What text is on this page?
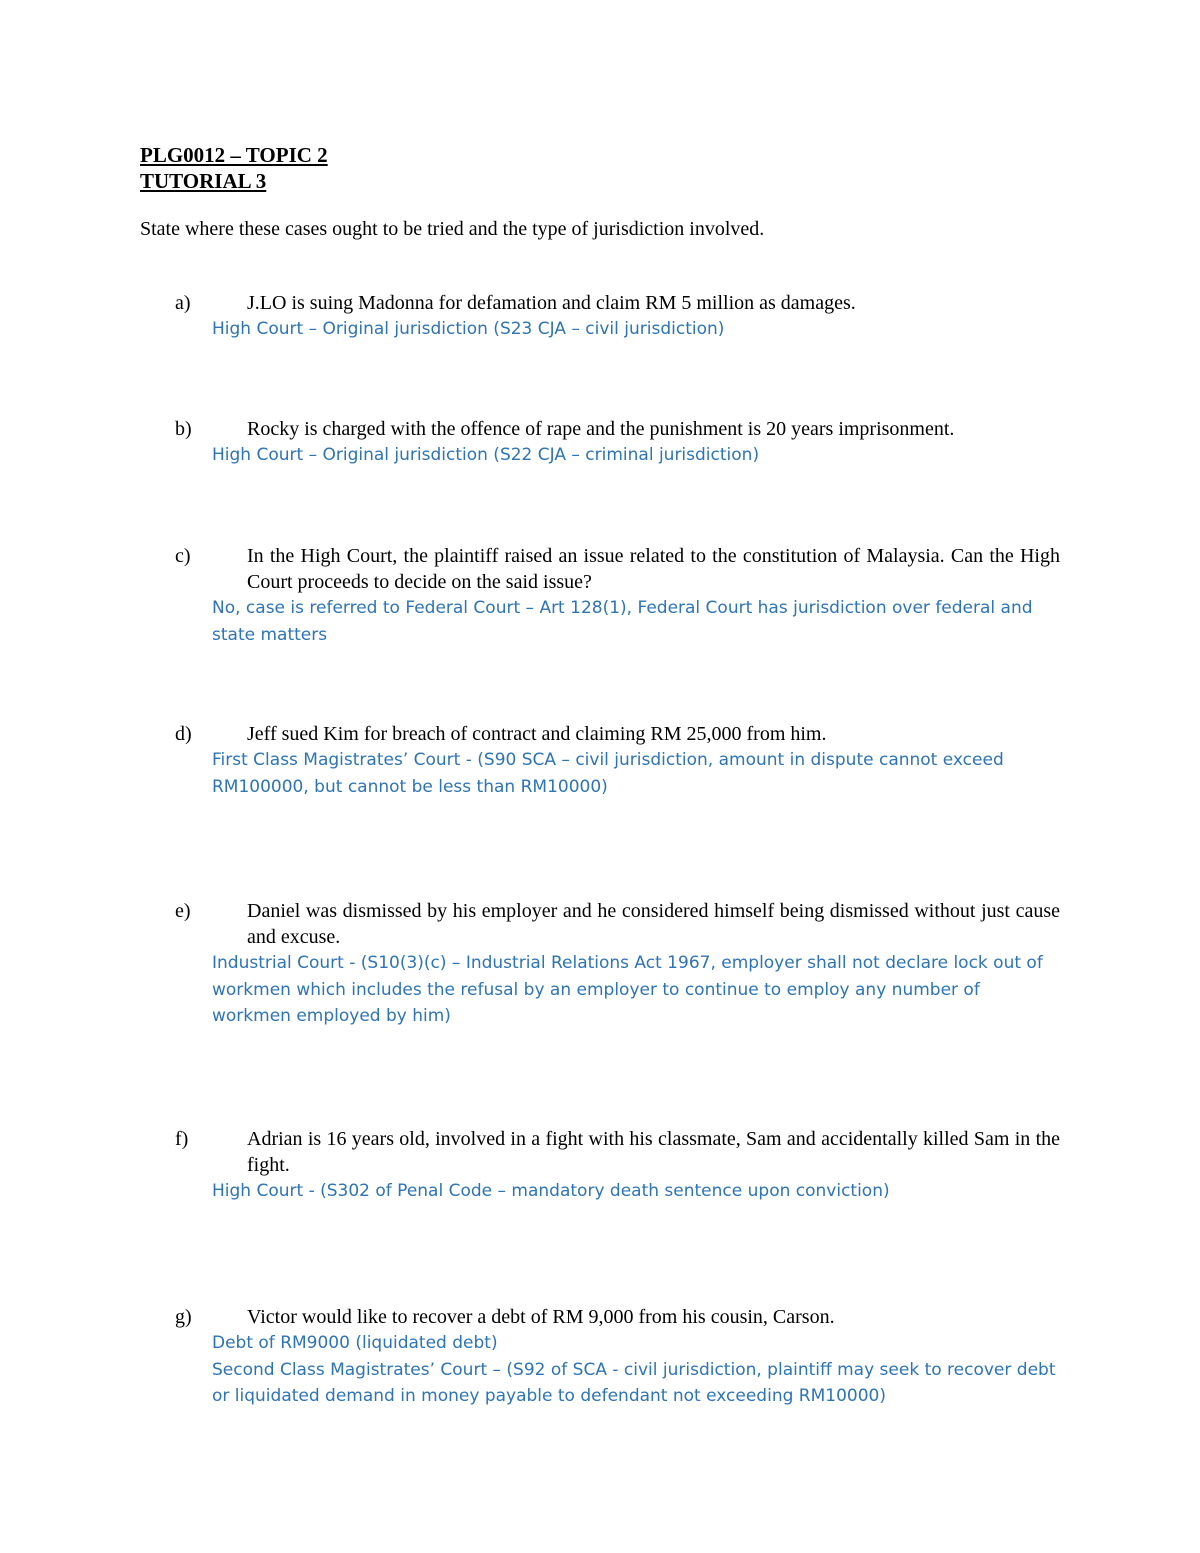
PLG0012 – TOPIC 2
TUTORIAL 3
State where these cases ought to be tried and the type of jurisdiction involved.
a)	J.LO is suing Madonna for defamation and claim RM 5 million as damages.
High Court – Original jurisdiction (S23 CJA – civil jurisdiction)
b)	Rocky is charged with the offence of rape and the punishment is 20 years imprisonment.
High Court – Original jurisdiction (S22 CJA – criminal jurisdiction)
c)	In the High Court, the plaintiff raised an issue related to the constitution of Malaysia. Can the High Court proceeds to decide on the said issue?
No, case is referred to Federal Court – Art 128(1), Federal Court has jurisdiction over federal and state matters
d)	Jeff sued Kim for breach of contract and claiming RM 25,000 from him.
First Class Magistrates’ Court - (S90 SCA – civil jurisdiction, amount in dispute cannot exceed RM100000, but cannot be less than RM10000)
e)	Daniel was dismissed by his employer and he considered himself being dismissed without just cause and excuse.
Industrial Court - (S10(3)(c) – Industrial Relations Act 1967, employer shall not declare lock out of workmen which includes the refusal by an employer to continue to employ any number of workmen employed by him)
f)	Adrian is 16 years old, involved in a fight with his classmate, Sam and accidentally killed Sam in the fight.
High Court - (S302 of Penal Code – mandatory death sentence upon conviction)
g)	Victor would like to recover a debt of RM 9,000 from his cousin, Carson.
Debt of RM9000 (liquidated debt)
Second Class Magistrates’ Court – (S92 of SCA - civil jurisdiction, plaintiff may seek to recover debt or liquidated demand in money payable to defendant not exceeding RM10000)
